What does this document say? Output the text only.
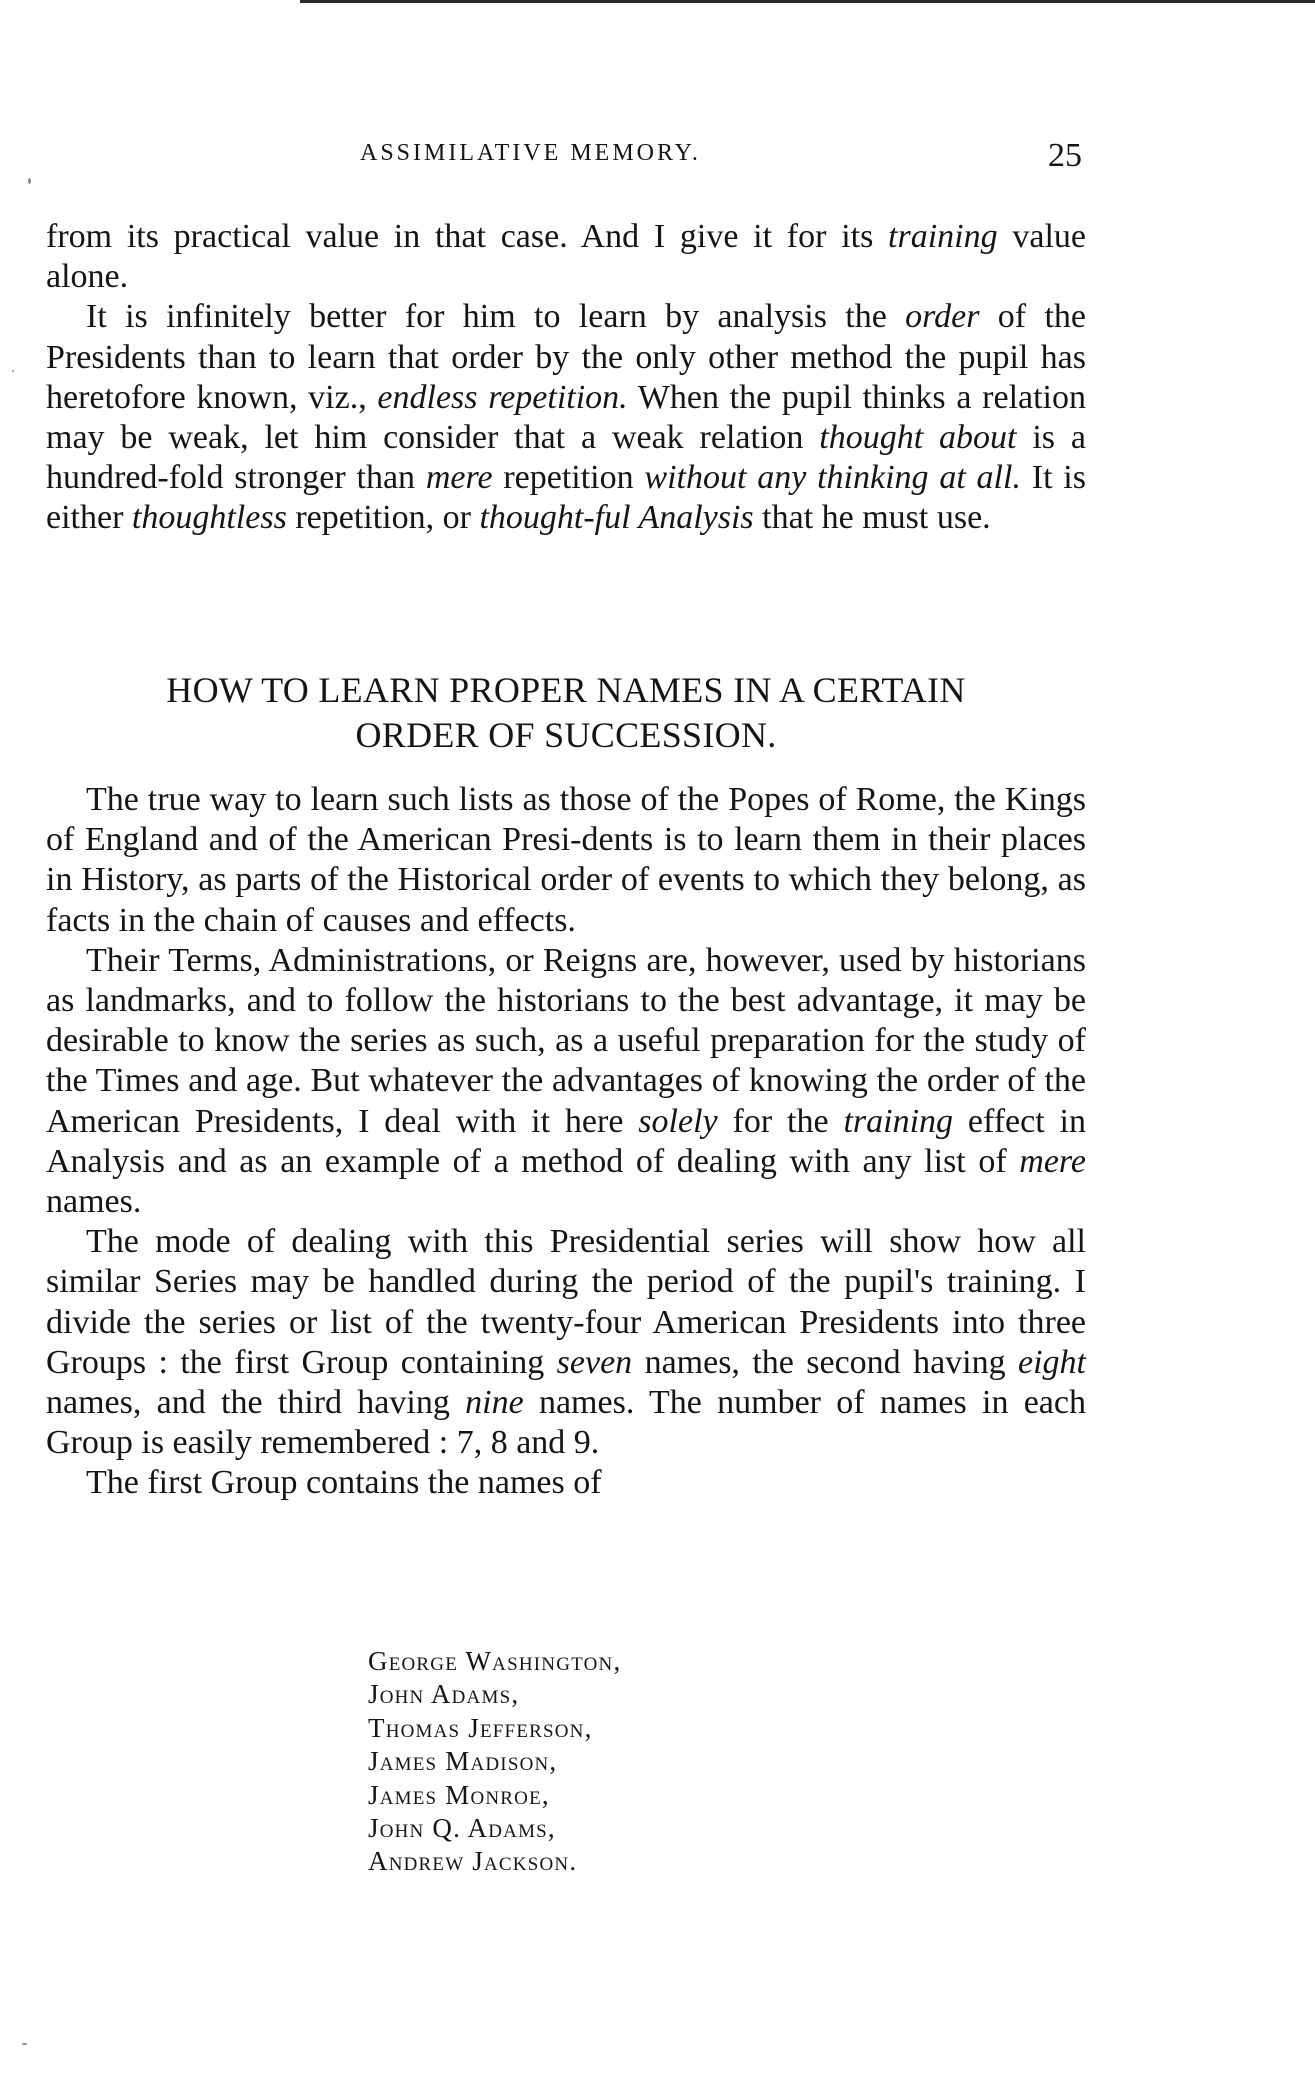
ASSIMILATIVE MEMORY.	25

from its practical value in that case. And I give it for its training value alone.

It is infinitely better for him to learn by analysis the order of the Presidents than to learn that order by the only other method the pupil has heretofore known, viz., endless repetition. When the pupil thinks a relation may be weak, let him consider that a weak relation thought about is a hundred-fold stronger than mere repetition without any thinking at all. It is either thoughtless repetition, or thought-ful Analysis that he must use.

HOW TO LEARN PROPER NAMES IN A CERTAIN
ORDER OF SUCCESSION.

The true way to learn such lists as those of the Popes of Rome, the Kings of England and of the American Presi-dents is to learn them in their places in History, as parts of the Historical order of events to which they belong, as facts in the chain of causes and effects.

Their Terms, Administrations, or Reigns are, however, used by historians as landmarks, and to follow the historians to the best advantage, it may be desirable to know the series as such, as a useful preparation for the study of the Times and age. But whatever the advantages of knowing the order of the American Presidents, I deal with it here solely for the training effect in Analysis and as an example of a method of dealing with any list of mere names.

The mode of dealing with this Presidential series will show how all similar Series may be handled during the period of the pupil's training. I divide the series or list of the twenty-four American Presidents into three Groups : the first Group containing seven names, the second having eight names, and the third having nine names. The number of names in each Group is easily remembered : 7, 8 and 9.

The first Group contains the names of

George Washington,
John Adams,
Thomas Jefferson,
James Madison,
James Monroe,
John Q. Adams,
Andrew Jackson.
